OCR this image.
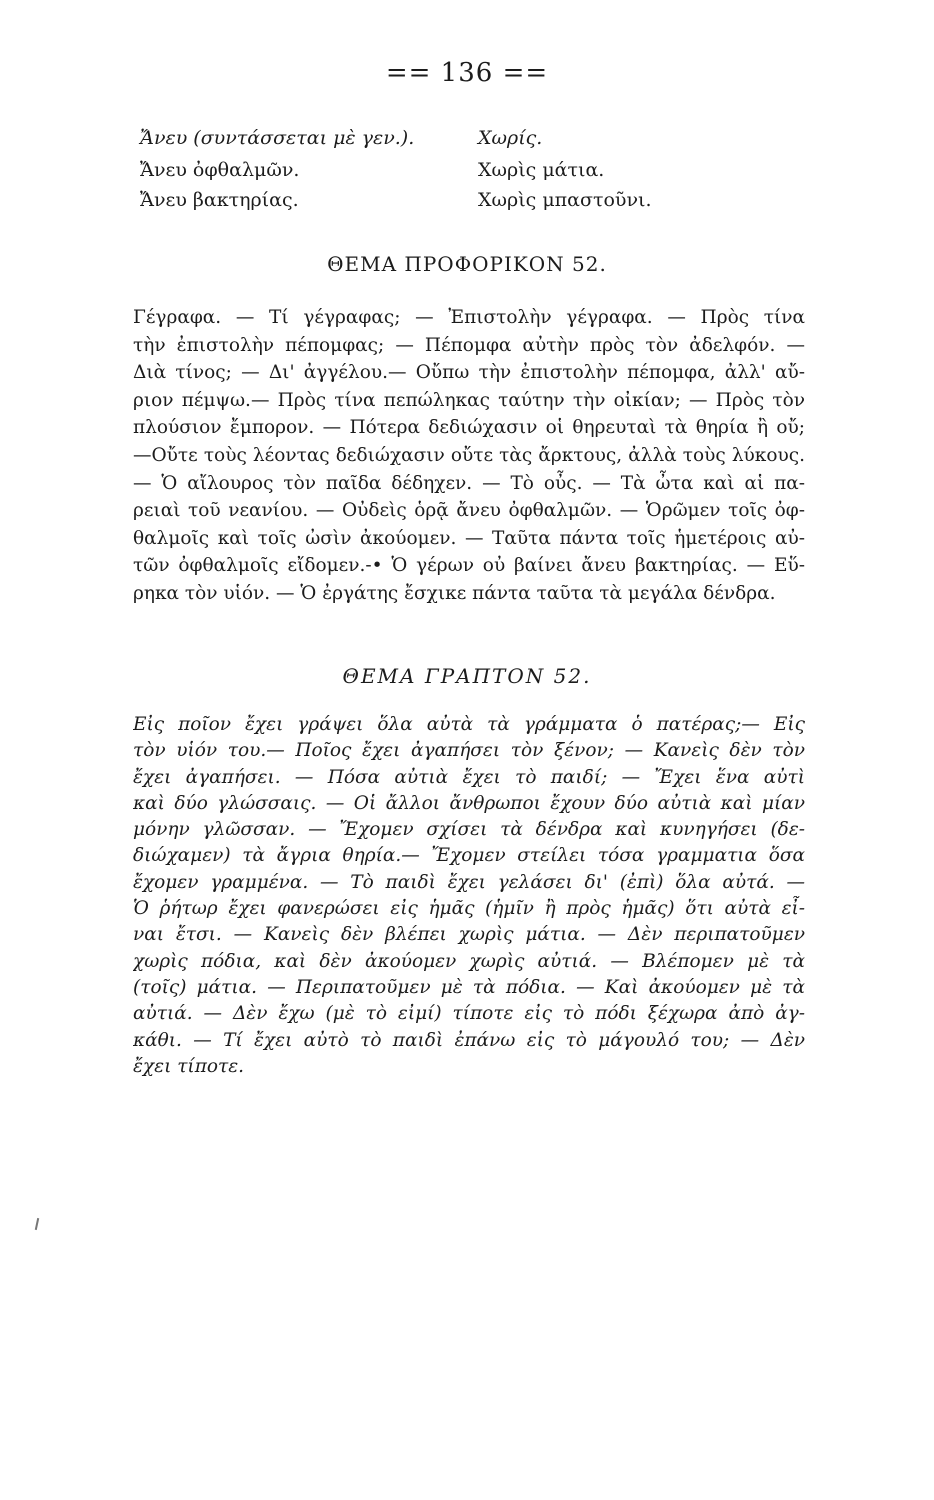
== 136 ==
Ἄνευ (συντάσσεται μὲ γεν.).	Χωρίς.
Ἄνευ ὀφθαλμῶν.	Χωρὶς μάτια.
Ἄνευ βακτηρίας.	Χωρὶς μπαστοῦνι.
ΘΕΜΑ ΠΡΟΦΟΡΙΚΟΝ 52.
Γέγραφα. — Τί γέγραφας; — Ἐπιστολὴν γέγραφα. — Πρὸς τίνα
τὴν ἐπιστολὴν πέπομφας; — Πέπομφα αὐτὴν πρὸς τὸν ἀδελφόν. —
Διὰ τίνος; — Δι' ἀγγέλου.— Οὔπω τὴν ἐπιστολὴν πέπομφα, ἀλλ' αὔ-
ριον πέμψω.— Πρὸς τίνα πεπώληκας ταύτην τὴν οἰκίαν; — Πρὸς τὸν
πλούσιον ἔμπορον. — Πότερα δεδιώχασιν οἱ θηρευταὶ τὰ θηρία ἢ οὔ;
—Οὔτε τοὺς λέοντας δεδιώχασιν οὔτε τὰς ἄρκτους, ἀλλὰ τοὺς λύκους.
— Ὁ αἴλουρος τὸν παῖδα δέδηχεν. — Τὸ οὖς. — Τὰ ὦτα καὶ αἱ πα-
ρειαὶ τοῦ νεανίου. — Οὐδεὶς ὁρᾷ ἄνευ ὀφθαλμῶν. — Ὁρῶμεν τοῖς ὀφ-
θαλμοῖς καὶ τοῖς ὠσὶν ἀκούομεν. — Ταῦτα πάντα τοῖς ἡμετέροις αὐ-
τῶν ὀφθαλμοῖς εἴδομεν.-• Ὁ γέρων οὐ βαίνει ἄνευ βακτηρίας. — Εὕ-
ρηκα τὸν υἱόν. — Ὁ ἐργάτης ἔσχικε πάντα ταῦτα τὰ μεγάλα δένδρα.
ΘΕΜΑ ΓΡΑΠΤΟΝ 52.
Εἰς ποῖον ἔχει γράψει ὅλα αὐτὰ τὰ γράμματα ὁ πατέρας;— Εἰς
τὸν υἱόν του.— Ποῖος ἔχει ἀγαπήσει τὸν ξένον; — Κανεὶς δὲν τὸν
ἔχει ἀγαπήσει. — Πόσα αὐτιὰ ἔχει τὸ παιδί; — Ἔχει ἕνα αὐτὶ
καὶ δύο γλώσσαις. — Οἱ ἄλλοι ἄνθρωποι ἔχουν δύο αὐτιὰ καὶ μίαν
μόνην γλῶσσαν. — Ἔχομεν σχίσει τὰ δένδρα καὶ κυνηγήσει (δε-
διώχαμεν) τὰ ἄγρια θηρία.— Ἔχομεν στείλει τόσα γραμματια ὅσα
ἔχομεν γραμμένα. — Τὸ παιδὶ ἔχει γελάσει δι' (ἐπὶ) ὅλα αὐτά. —
Ὁ ῥήτωρ ἔχει φανερώσει εἰς ἡμᾶς (ἡμῖν ἢ πρὸς ἡμᾶς) ὅτι αὐτὰ εἶ-
ναι ἔτσι. — Κανεὶς δὲν βλέπει χωρὶς μάτια. — Δὲν περιπατοῦμεν
χωρὶς πόδια, καὶ δὲν ἀκούομεν χωρὶς αὐτιά. — Βλέπομεν μὲ τὰ
(τοῖς) μάτια. — Περιπατοῦμεν μὲ τὰ πόδια. — Καὶ ἀκούομεν μὲ τὰ
αὐτιά. — Δὲν ἔχω (μὲ τὸ εἰμί) τίποτε εἰς τὸ πόδι ξέχωρα ἀπὸ ἀγ-
κάθι. — Τί ἔχει αὐτὸ τὸ παιδὶ ἐπάνω εἰς τὸ μάγουλό του; — Δὲν
ἔχει τίποτε.
